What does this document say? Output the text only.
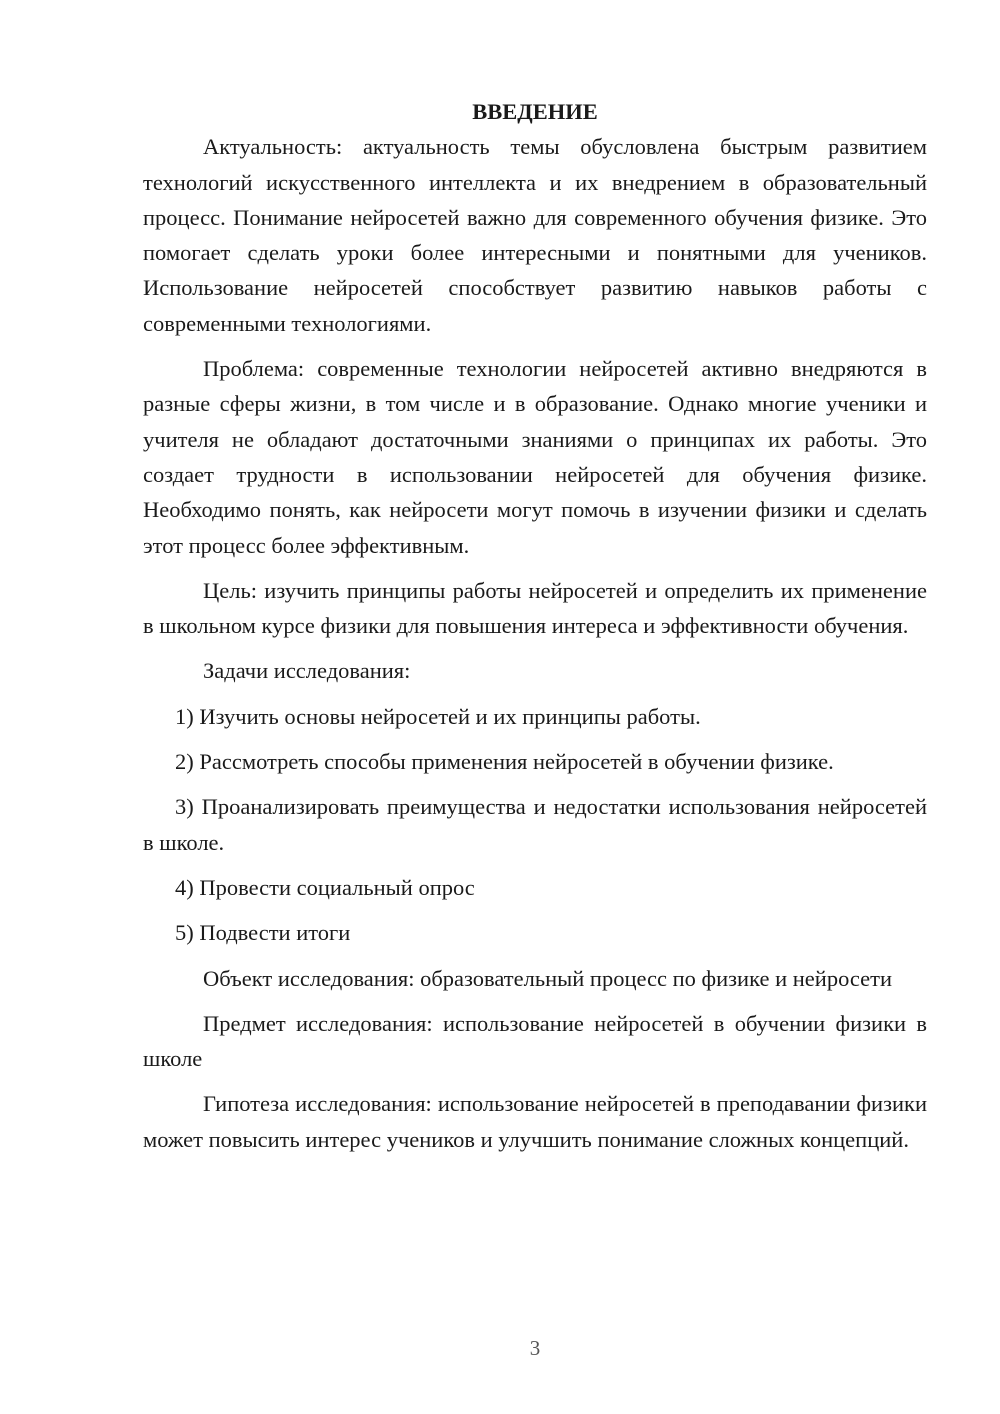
ВВЕДЕНИЕ

Актуальность: актуальность темы обусловлена быстрым развитием технологий искусственного интеллекта и их внедрением в образовательный процесс. Понимание нейросетей важно для современного обучения физике. Это помогает сделать уроки более интересными и понятными для учеников. Использование нейросетей способствует развитию навыков работы с современными технологиями.

Проблема: современные технологии нейросетей активно внедряются в разные сферы жизни, в том числе и в образование. Однако многие ученики и учителя не обладают достаточными знаниями о принципах их работы. Это создает трудности в использовании нейросетей для обучения физике. Необходимо понять, как нейросети могут помочь в изучении физики и сделать этот процесс более эффективным.

Цель: изучить принципы работы нейросетей и определить их применение в школьном курсе физики для повышения интереса и эффективности обучения.

Задачи исследования:

1) Изучить основы нейросетей и их принципы работы.

2) Рассмотреть способы применения нейросетей в обучении физике.

3) Проанализировать преимущества и недостатки использования нейросетей в школе.

4) Провести социальный опрос

5) Подвести итоги

Объект исследования: образовательный процесс по физике и нейросети

Предмет исследования: использование нейросетей в обучении физики в школе

Гипотеза исследования: использование нейросетей в преподавании физики может повысить интерес учеников и улучшить понимание сложных концепций.

3
